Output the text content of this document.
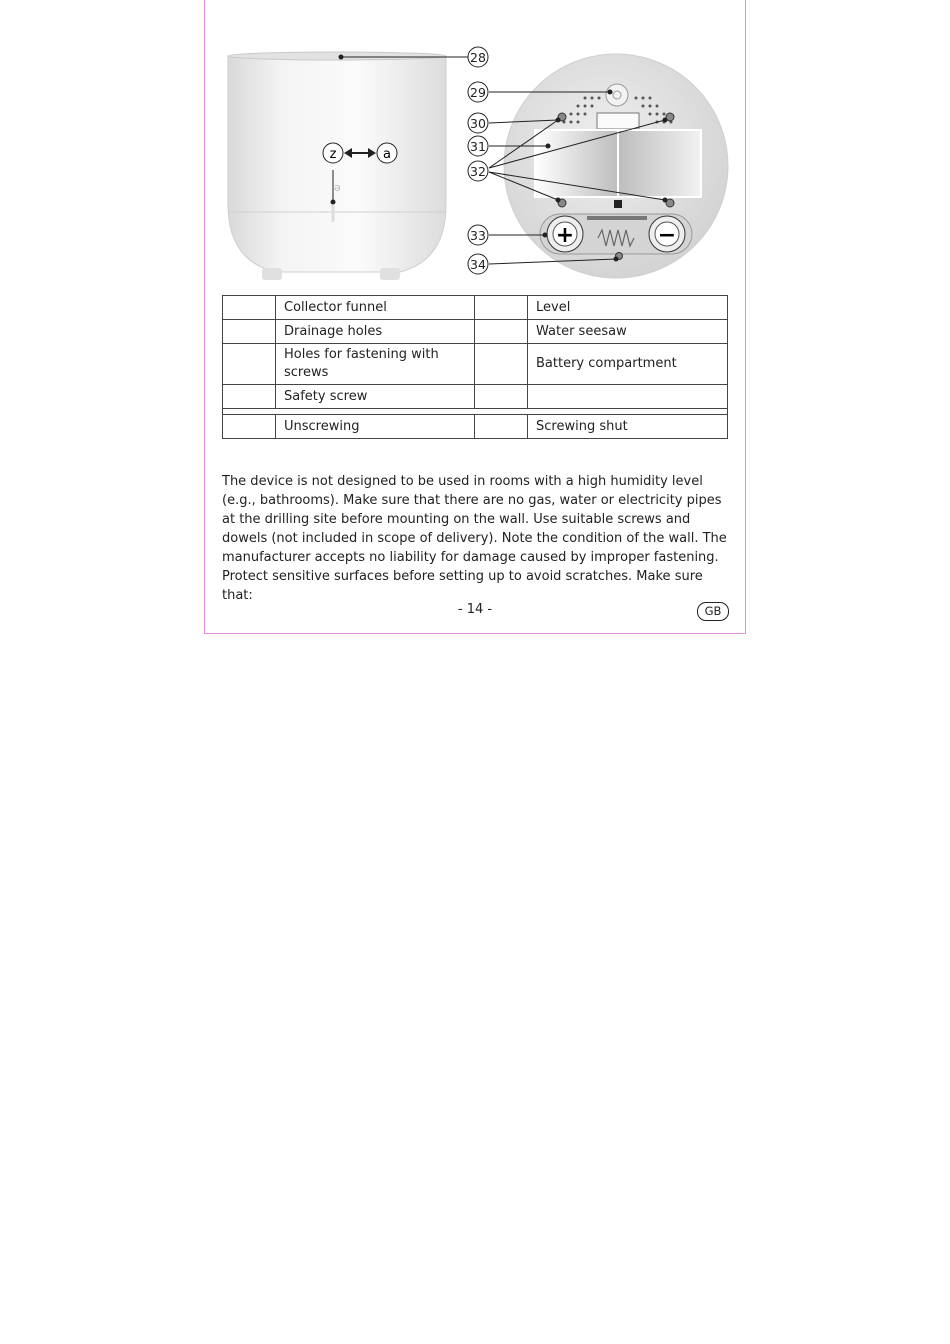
ə
z	a
+	−
28
29
30
31
32
33
34
	Collector funnel		Level
	Drainage holes		Water seesaw
	Holes for fastening with screws		Battery compartment
	Safety screw		

	Unscrewing		Screwing shut

The device is not designed to be used in rooms with a high humidity level (e.g., bathrooms). Make sure that there are no gas, water or electricity pipes at the drilling site before mounting on the wall. Use suitable screws and dowels (not included in scope of delivery). Note the condition of the wall. The manufacturer accepts no liability for damage caused by improper fastening.

Protect sensitive surfaces before setting up to avoid scratches. Make sure that:

- 14 -	GB
